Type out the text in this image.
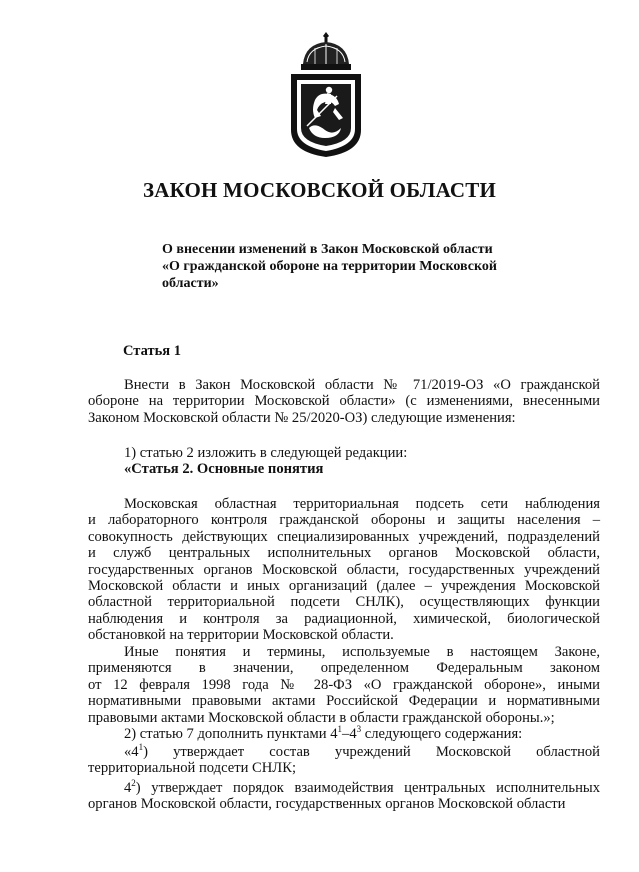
ЗАКОН МОСКОВСКОЙ ОБЛАСТИ
О внесении изменений в Закон Московской области
«О гражданской обороне на территории Московской
области»
Статья 1
Внести в Закон Московской области № 71/2019-ОЗ «О гражданской
обороне на территории Московской области» (с изменениями, внесенными
Законом Московской области № 25/2020-ОЗ) следующие изменения:
1) статью 2 изложить в следующей редакции:
«Статья 2. Основные понятия
Московская областная территориальная подсеть сети наблюдения
и лабораторного контроля гражданской обороны и защиты населения –
совокупность действующих специализированных учреждений, подразделений
и служб центральных исполнительных органов Московской области,
государственных органов Московской области, государственных учреждений
Московской области и иных организаций (далее – учреждения Московской
областной территориальной подсети СНЛК), осуществляющих функции
наблюдения и контроля за радиационной, химической, биологической
обстановкой на территории Московской области.
Иные понятия и термины, используемые в настоящем Законе,
применяются в значении, определенном Федеральным законом
от 12 февраля 1998 года № 28-ФЗ «О гражданской обороне», иными
нормативными правовыми актами Российской Федерации и нормативными
правовыми актами Московской области в области гражданской обороны.»;
2) статью 7 дополнить пунктами $4^1-4^3$ следующего содержания:
«$4^1$) утверждает состав учреждений Московской областной
территориальной подсети СНЛК;
$4^2$) утверждает порядок взаимодействия центральных исполнительных
органов Московской области, государственных органов Московской области
